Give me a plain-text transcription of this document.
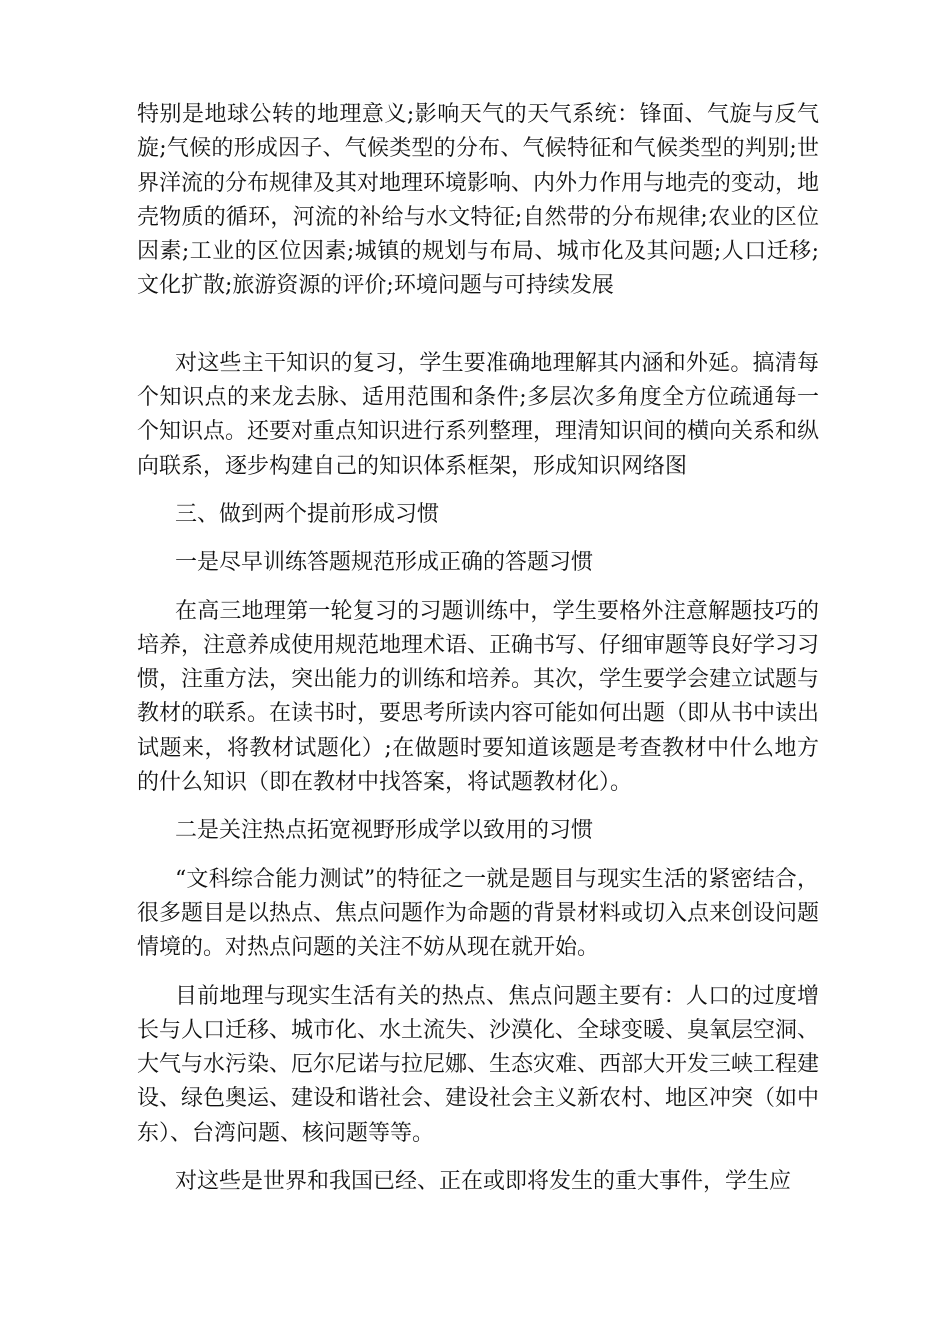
特别是地球公转的地理意义;影响天气的天气系统：锋面、气旋与反气旋;气候的形成因子、气候类型的分布、气候特征和气候类型的判别;世界洋流的分布规律及其对地理环境影响、内外力作用与地壳的变动，地壳物质的循环，河流的补给与水文特征;自然带的分布规律;农业的区位因素;工业的区位因素;城镇的规划与布局、城市化及其问题;人口迁移;文化扩散;旅游资源的评价;环境问题与可持续发展

对这些主干知识的复习，学生要准确地理解其内涵和外延。搞清每个知识点的来龙去脉、适用范围和条件;多层次多角度全方位疏通每一个知识点。还要对重点知识进行系列整理，理清知识间的横向关系和纵向联系，逐步构建自己的知识体系框架，形成知识网络图

三、做到两个提前形成习惯

一是尽早训练答题规范形成正确的答题习惯

在高三地理第一轮复习的习题训练中，学生要格外注意解题技巧的培养，注意养成使用规范地理术语、正确书写、仔细审题等良好学习习惯，注重方法，突出能力的训练和培养。其次，学生要学会建立试题与教材的联系。在读书时，要思考所读内容可能如何出题（即从书中读出试题来，将教材试题化）;在做题时要知道该题是考查教材中什么地方的什么知识（即在教材中找答案，将试题教材化）。

二是关注热点拓宽视野形成学以致用的习惯

“文科综合能力测试”的特征之一就是题目与现实生活的紧密结合，很多题目是以热点、焦点问题作为命题的背景材料或切入点来创设问题情境的。对热点问题的关注不妨从现在就开始。

目前地理与现实生活有关的热点、焦点问题主要有：人口的过度增长与人口迁移、城市化、水土流失、沙漠化、全球变暖、臭氧层空洞、大气与水污染、厄尔尼诺与拉尼娜、生态灾难、西部大开发三峡工程建设、绿色奥运、建设和谐社会、建设社会主义新农村、地区冲突（如中东）、台湾问题、核问题等等。

对这些是世界和我国已经、正在或即将发生的重大事件，学生应
